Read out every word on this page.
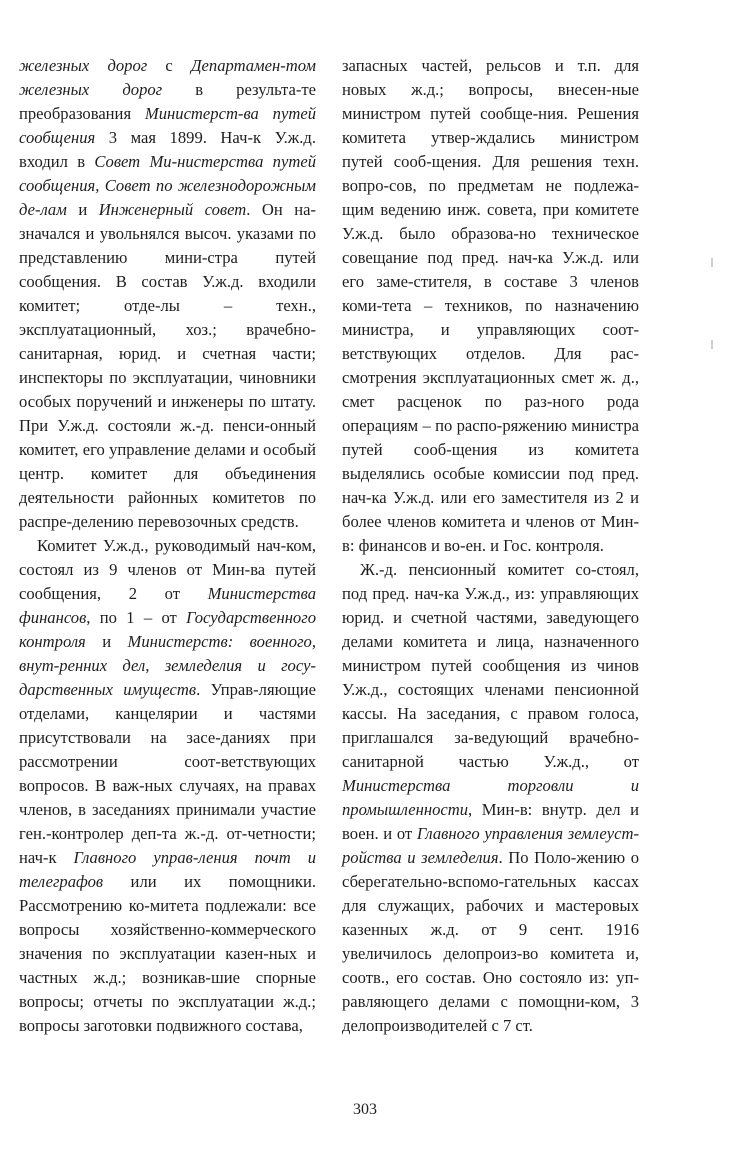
железных дорог с Департамен-том железных дорог в результа-те преобразования Министерст-ва путей сообщения 3 мая 1899. Нач-к У.ж.д. входил в Совет Ми-нистерства путей сообщения, Совет по железнодорожным де-лам и Инженерный совет. Он на-значался и увольнялся высоч. указами по представлению мини-стра путей сообщения. В состав У.ж.д. входили комитет; отде-лы – техн., эксплуатационный, хоз.; врачебно-санитарная, юрид. и счетная части; инспекторы по эксплуатации, чиновники особых поручений и инженеры по штату. При У.ж.д. состояли ж.-д. пенси-онный комитет, его управление делами и особый центр. комитет для объединения деятельности районных комитетов по распре-делению перевозочных средств.

Комитет У.ж.д., руководимый нач-ком, состоял из 9 членов от Мин-ва путей сообщения, 2 от Министерства финансов, по 1 – от Государственного контроля и Министерств: военного, внут-ренних дел, земледелия и госу-дарственных имуществ. Управ-ляющие отделами, канцелярии и частями присутствовали на засе-даниях при рассмотрении соот-ветствующих вопросов. В важ-ных случаях, на правах членов, в заседаниях принимали участие ген.-контролер деп-та ж.-д. от-четности; нач-к Главного управ-ления почт и телеграфов или их помощники. Рассмотрению ко-митета подлежали: все вопросы хозяйственно-коммерческого значения по эксплуатации казен-ных и частных ж.д.; возникав-шие спорные вопросы; отчеты по эксплуатации ж.д.; вопросы заготовки подвижного состава,

запасных частей, рельсов и т.п. для новых ж.д.; вопросы, внесен-ные министром путей сообще-ния. Решения комитета утвер-ждались министром путей сооб-щения. Для решения техн. вопро-сов, по предметам не подлежа-щим ведению инж. совета, при комитете У.ж.д. было образова-но техническое совещание под пред. нач-ка У.ж.д. или его заме-стителя, в составе 3 членов коми-тета – техников, по назначению министра, и управляющих соот-ветствующих отделов. Для рас-смотрения эксплуатационных смет ж. д., смет расценок по раз-ного рода операциям – по распо-ряжению министра путей сооб-щения из комитета выделялись особые комиссии под пред. нач-ка У.ж.д. или его заместителя из 2 и более членов комитета и членов от Мин-в: финансов и во-ен. и Гос. контроля.

Ж.-д. пенсионный комитет со-стоял, под пред. нач-ка У.ж.д., из: управляющих юрид. и счетной частями, заведующего делами комитета и лица, назначенного министром путей сообщения из чинов У.ж.д., состоящих членами пенсионной кассы. На заседания, с правом голоса, приглашался за-ведующий врачебно-санитарной частью У.ж.д., от Министерства торговли и промышленности, Мин-в: внутр. дел и воен. и от Главного управления землеуст-ройства и земледелия. По Поло-жению о сберегательно-вспомо-гательных кассах для служащих, рабочих и мастеровых казенных ж.д. от 9 сент. 1916 увеличилось делопроиз-во комитета и, соотв., его состав. Оно состояло из: уп-равляющего делами с помощни-ком, 3 делопроизводителей с 7 ст.

303
